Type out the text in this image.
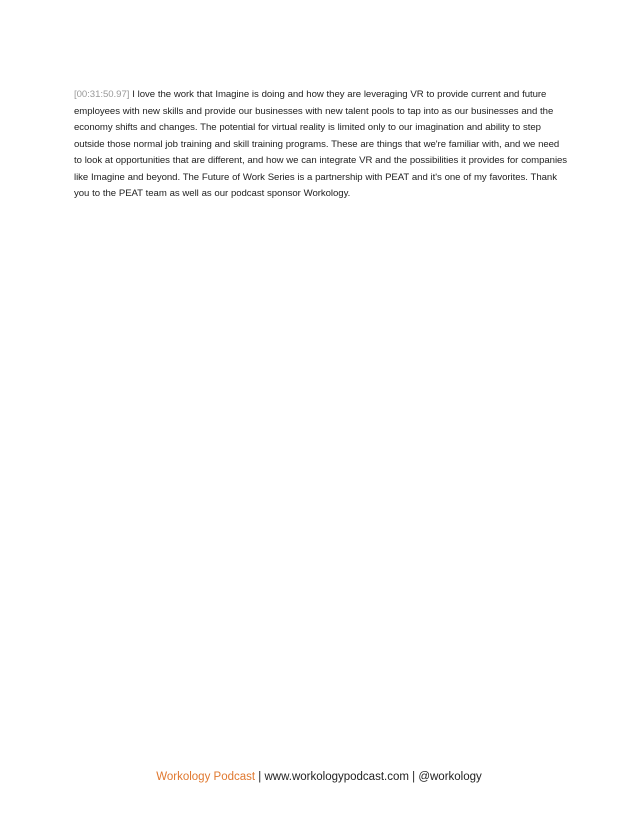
[00:31:50.97] I love the work that Imagine is doing and how they are leveraging VR to provide current and future employees with new skills and provide our businesses with new talent pools to tap into as our businesses and the economy shifts and changes. The potential for virtual reality is limited only to our imagination and ability to step outside those normal job training and skill training programs. These are things that we're familiar with, and we need to look at opportunities that are different, and how we can integrate VR and the possibilities it provides for companies like Imagine and beyond. The Future of Work Series is a partnership with PEAT and it's one of my favorites. Thank you to the PEAT team as well as our podcast sponsor Workology.

Workology Podcast | www.workologypodcast.com | @workology
